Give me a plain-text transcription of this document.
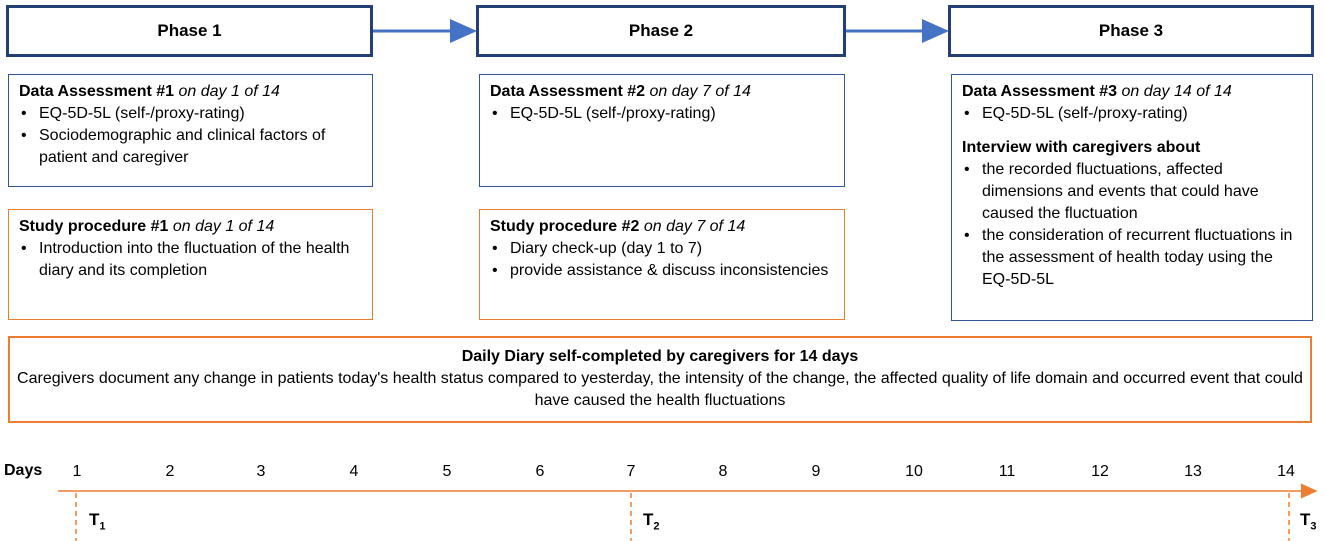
Phase 1	Phase 2	Phase 3
Data Assessment #1 on day 1 of 14
• EQ-5D-5L (self-/proxy-rating)
• Sociodemographic and clinical factors of patient and caregiver
Data Assessment #2 on day 7 of 14
• EQ-5D-5L (self-/proxy-rating)
Data Assessment #3 on day 14 of 14
• EQ-5D-5L (self-/proxy-rating)
Interview with caregivers about
• the recorded fluctuations, affected dimensions and events that could have caused the fluctuation
• the consideration of recurrent fluctuations in the assessment of health today using the EQ-5D-5L
Study procedure #1 on day 1 of 14
• Introduction into the fluctuation of the health diary and its completion
Study procedure #2 on day 7 of 14
• Diary check-up (day 1 to 7)
• provide assistance & discuss inconsistencies
Daily Diary self-completed by caregivers for 14 days
Caregivers document any change in patients today's health status compared to yesterday, the intensity of the change, the affected quality of life domain and occurred event that could have caused the health fluctuations
Days	1	2	3	4	5	6	7	8	9	10	11	12	13	14
$T_1$	$T_2$	$T_3$
